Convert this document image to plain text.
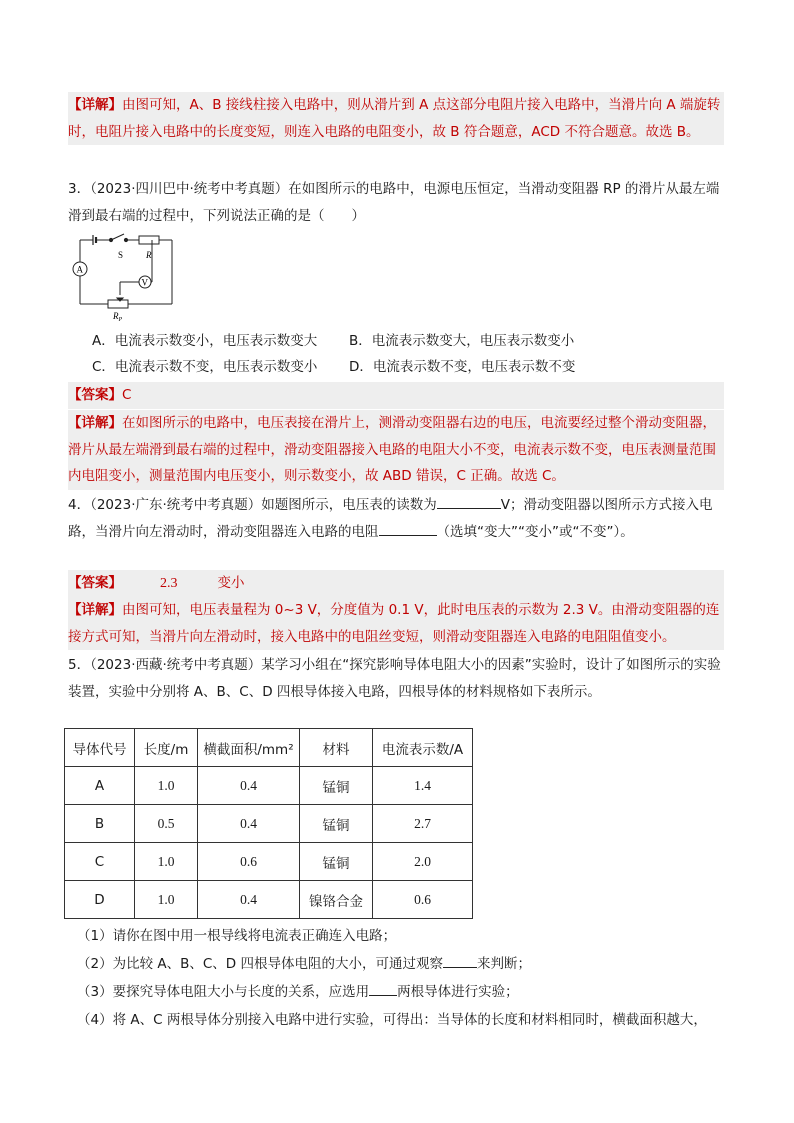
【详解】由图可知，A、B 接线柱接入电路中，则从滑片到 A 点这部分电阻片接入电路中，当滑片向 A 端旋转时，电阻片接入电路中的长度变短，则连入电路的电阻变小，故 B 符合题意，ACD 不符合题意。故选 B。
3．（2023·四川巴中·统考中考真题）在如图所示的电路中，电源电压恒定，当滑动变阻器 RP 的滑片从最左端滑到最右端的过程中，下列说法正确的是（　　）
S	R
A
V
$R_P$
A．电流表示数变小，电压表示数变大 B．电流表示数变大，电压表示数变小
C．电流表示数不变，电压表示数变小 D．电流表示数不变，电压表示数不变
【答案】C
【详解】在如图所示的电路中，电压表接在滑片上，测滑动变阻器右边的电压，电流要经过整个滑动变阻器，滑片从最左端滑到最右端的过程中，滑动变阻器接入电路的电阻大小不变，电流表示数不变，电压表测量范围内电阻变小，测量范围内电压变小，则示数变小，故 ABD 错误，C 正确。故选 C。
4．（2023·广东·统考中考真题）如题图所示，电压表的读数为	V；滑动变阻器以图所示方式接入电路，当滑片向左滑动时，滑动变阻器连入电路的电阻	（选填“变大”“变小”或“不变”）。
【答案】	2.3	变小
【详解】由图可知，电压表量程为 0~3 V，分度值为 0.1 V，此时电压表的示数为 2.3 V。由滑动变阻器的连接方式可知，当滑片向左滑动时，接入电路中的电阻丝变短，则滑动变阻器连入电路的电阻阻值变小。
5．（2023·西藏·统考中考真题）某学习小组在“探究影响导体电阻大小的因素”实验时，设计了如图所示的实验装置，实验中分别将 A、B、C、D 四根导体接入电路，四根导体的材料规格如下表所示。
导体代号	长度/m	横截面积/mm²	材料	电流表示数/A
A	1.0	0.4	锰铜	1.4
B	0.5	0.4	锰铜	2.7
C	1.0	0.6	锰铜	2.0
D	1.0	0.4	镍铬合金	0.6
（1）请你在图中用一根导线将电流表正确连入电路；
（2）为比较 A、B、C、D 四根导体电阻的大小，可通过观察	来判断；
（3）要探究导体电阻大小与长度的关系，应选用 两根导体进行实验；
（4）将 A、C 两根导体分别接入电路中进行实验，可得出：当导体的长度和材料相同时，横截面积越大，
